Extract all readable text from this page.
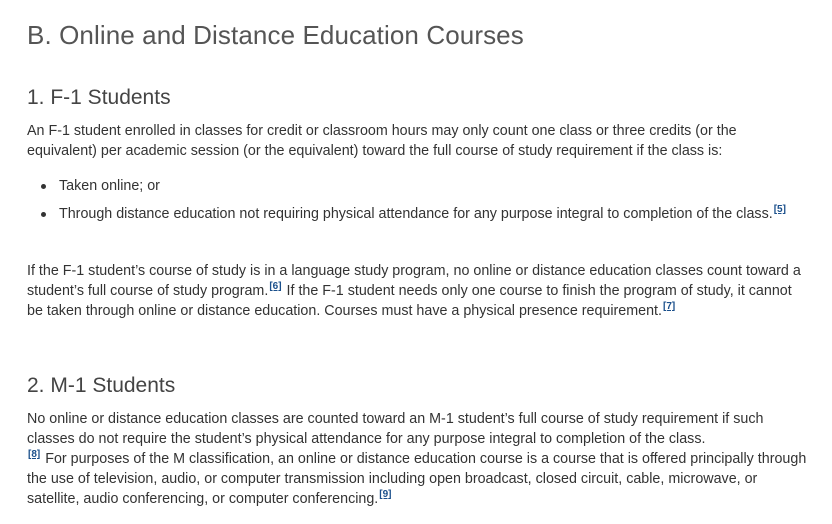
B. Online and Distance Education Courses
1. F-1 Students

An F-1 student enrolled in classes for credit or classroom hours may only count one class or three credits (or the equivalent) per academic session (or the equivalent) toward the full course of study requirement if the class is:

Taken online; or
Through distance education not requiring physical attendance for any purpose integral to completion of the class.[5]

If the F-1 student’s course of study is in a language study program, no online or distance education classes count toward a student’s full course of study program.[6] If the F-1 student needs only one course to finish the program of study, it cannot be taken through online or distance education. Courses must have a physical presence requirement.[7]

2. M-1 Students

No online or distance education classes are counted toward an M-1 student’s full course of study requirement if such classes do not require the student’s physical attendance for any purpose integral to completion of the class.
[8] For purposes of the M classification, an online or distance education course is a course that is offered principally through the use of television, audio, or computer transmission including open broadcast, closed circuit, cable, microwave, or satellite, audio conferencing, or computer conferencing.[9]
